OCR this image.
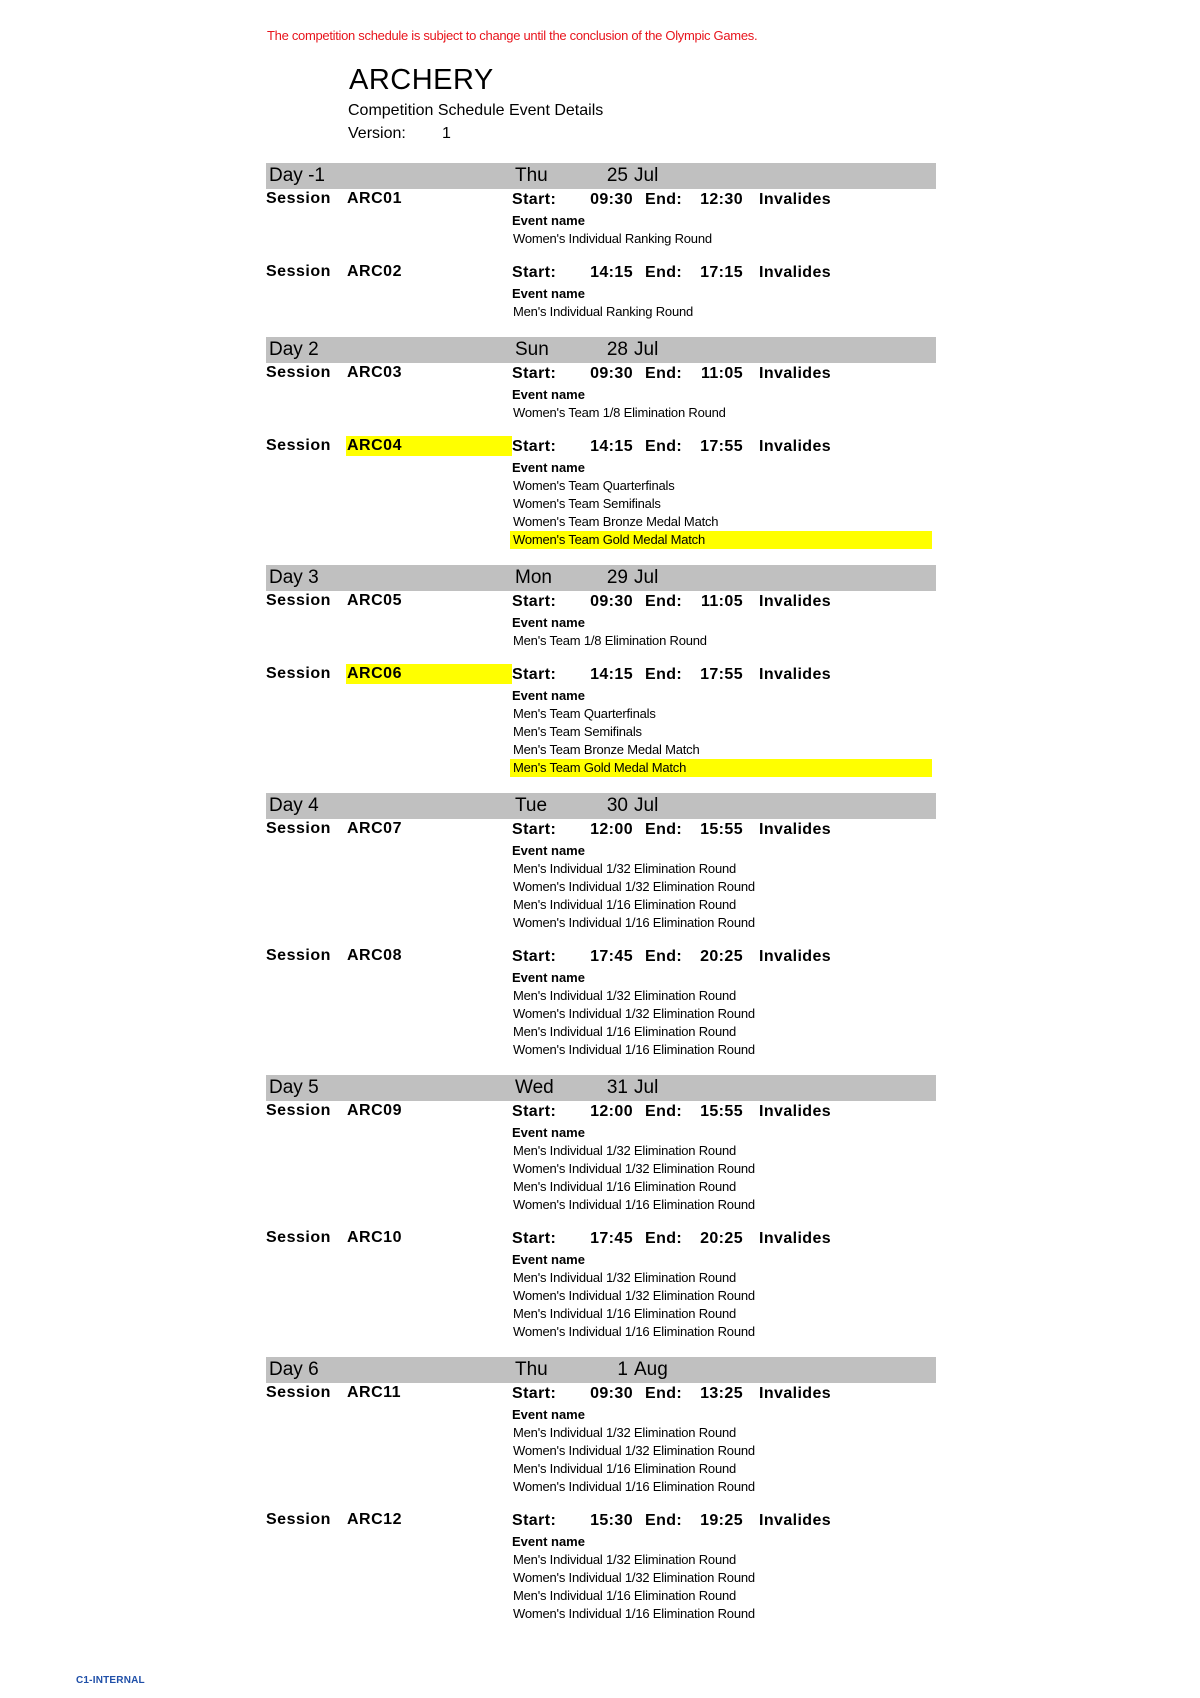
The competition schedule is subject to change until the conclusion of the Olympic Games.
ARCHERY
Competition Schedule Event Details
Version: 1
Day -1	Thu	25 Jul
Session ARC01	Start: 09:30 End: 12:30 Invalides
Event name
Women's Individual Ranking Round
Session ARC02	Start: 14:15 End: 17:15 Invalides
Event name
Men's Individual Ranking Round
Day 2	Sun	28 Jul
Session ARC03	Start: 09:30 End: 11:05 Invalides
Event name
Women's Team 1/8 Elimination Round
Session ARC04	Start: 14:15 End: 17:55 Invalides
Event name
Women's Team Quarterfinals
Women's Team Semifinals
Women's Team Bronze Medal Match
Women's Team Gold Medal Match
Day 3	Mon	29 Jul
Session ARC05	Start: 09:30 End: 11:05 Invalides
Event name
Men's Team 1/8 Elimination Round
Session ARC06	Start: 14:15 End: 17:55 Invalides
Event name
Men's Team Quarterfinals
Men's Team Semifinals
Men's Team Bronze Medal Match
Men's Team Gold Medal Match
Day 4	Tue	30 Jul
Session ARC07	Start: 12:00 End: 15:55 Invalides
Event name
Men's Individual 1/32 Elimination Round
Women's Individual 1/32 Elimination Round
Men's Individual 1/16 Elimination Round
Women's Individual 1/16 Elimination Round
Session ARC08	Start: 17:45 End: 20:25 Invalides
Event name
Men's Individual 1/32 Elimination Round
Women's Individual 1/32 Elimination Round
Men's Individual 1/16 Elimination Round
Women's Individual 1/16 Elimination Round
Day 5	Wed	31 Jul
Session ARC09	Start: 12:00 End: 15:55 Invalides
Event name
Men's Individual 1/32 Elimination Round
Women's Individual 1/32 Elimination Round
Men's Individual 1/16 Elimination Round
Women's Individual 1/16 Elimination Round
Session ARC10	Start: 17:45 End: 20:25 Invalides
Event name
Men's Individual 1/32 Elimination Round
Women's Individual 1/32 Elimination Round
Men's Individual 1/16 Elimination Round
Women's Individual 1/16 Elimination Round
Day 6	Thu	1 Aug
Session ARC11	Start: 09:30 End: 13:25 Invalides
Event name
Men's Individual 1/32 Elimination Round
Women's Individual 1/32 Elimination Round
Men's Individual 1/16 Elimination Round
Women's Individual 1/16 Elimination Round
Session ARC12	Start: 15:30 End: 19:25 Invalides
Event name
Men's Individual 1/32 Elimination Round
Women's Individual 1/32 Elimination Round
Men's Individual 1/16 Elimination Round
Women's Individual 1/16 Elimination Round
C1-INTERNAL
